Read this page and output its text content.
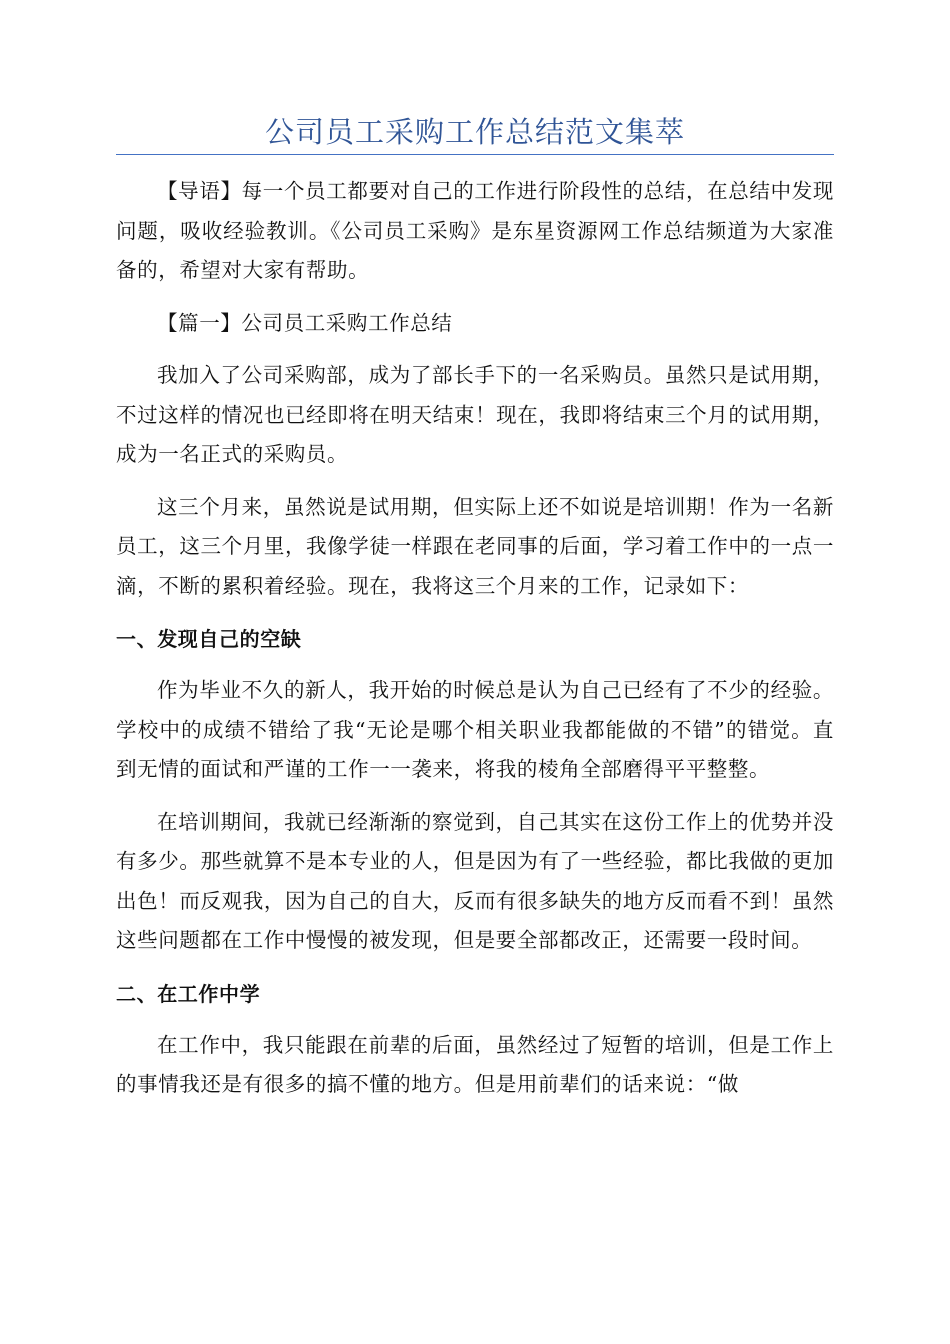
公司员工采购工作总结范文集萃

【导语】每一个员工都要对自己的工作进行阶段性的总结，在总结中发现问题，吸收经验教训。《公司员工采购》是东星资源网工作总结频道为大家准备的，希望对大家有帮助。

【篇一】公司员工采购工作总结

我加入了公司采购部，成为了部长手下的一名采购员。虽然只是试用期，不过这样的情况也已经即将在明天结束！现在，我即将结束三个月的试用期，成为一名正式的采购员。

这三个月来，虽然说是试用期，但实际上还不如说是培训期！作为一名新员工，这三个月里，我像学徒一样跟在老同事的后面，学习着工作中的一点一滴，不断的累积着经验。现在，我将这三个月来的工作，记录如下：

一、发现自己的空缺

作为毕业不久的新人，我开始的时候总是认为自己已经有了不少的经验。学校中的成绩不错给了我“无论是哪个相关职业我都能做的不错”的错觉。直到无情的面试和严谨的工作一一袭来，将我的棱角全部磨得平平整整。

在培训期间，我就已经渐渐的察觉到，自己其实在这份工作上的优势并没有多少。那些就算不是本专业的人，但是因为有了一些经验，都比我做的更加出色！而反观我，因为自己的自大，反而有很多缺失的地方反而看不到！虽然这些问题都在工作中慢慢的被发现，但是要全部都改正，还需要一段时间。

二、在工作中学

在工作中，我只能跟在前辈的后面，虽然经过了短暂的培训，但是工作上的事情我还是有很多的搞不懂的地方。但是用前辈们的话来说：“做
